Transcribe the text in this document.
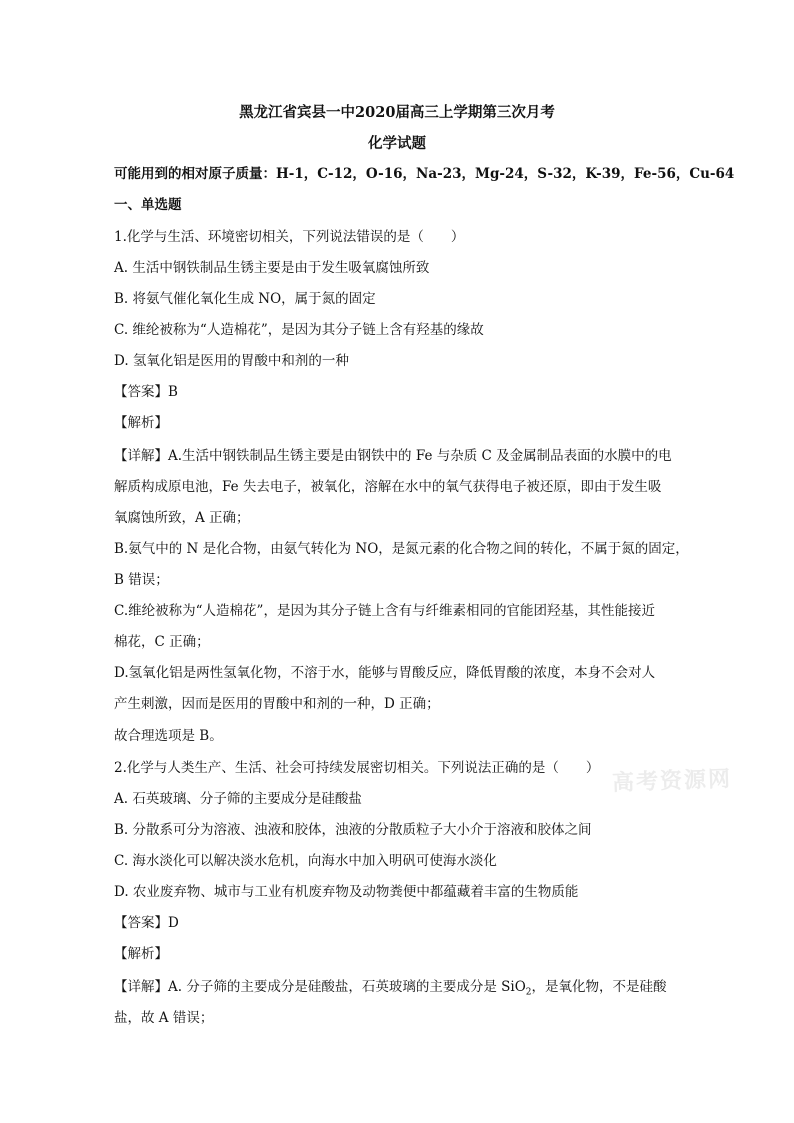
黑龙江省宾县一中2020届高三上学期第三次月考
化学试题
可能用到的相对原子质量：H-1，C-12，O-16，Na-23，Mg-24，S-32，K-39，Fe-56，Cu-64
一、单选题
1.化学与生活、环境密切相关，下列说法错误的是（　　）
A. 生活中钢铁制品生锈主要是由于发生吸氧腐蚀所致
B. 将氨气催化氧化生成 NO，属于氮的固定
C. 维纶被称为“人造棉花”，是因为其分子链上含有羟基的缘故
D. 氢氧化铝是医用的胃酸中和剂的一种
【答案】B
【解析】
【详解】A.生活中钢铁制品生锈主要是由钢铁中的 Fe 与杂质 C 及金属制品表面的水膜中的电
解质构成原电池，Fe 失去电子，被氧化，溶解在水中的氧气获得电子被还原，即由于发生吸
氧腐蚀所致，A 正确；
B.氨气中的 N 是化合物，由氨气转化为 NO，是氮元素的化合物之间的转化，不属于氮的固定，
B 错误；
C.维纶被称为“人造棉花”，是因为其分子链上含有与纤维素相同的官能团羟基，其性能接近
棉花，C 正确；
D.氢氧化铝是两性氢氧化物，不溶于水，能够与胃酸反应，降低胃酸的浓度，本身不会对人
产生刺激，因而是医用的胃酸中和剂的一种，D 正确；
故合理选项是 B。
2.化学与人类生产、生活、社会可持续发展密切相关。下列说法正确的是（　　）
A. 石英玻璃、分子筛的主要成分是硅酸盐
B. 分散系可分为溶液、浊液和胶体，浊液的分散质粒子大小介于溶液和胶体之间
C. 海水淡化可以解决淡水危机，向海水中加入明矾可使海水淡化
D. 农业废弃物、城市与工业有机废弃物及动物粪便中都蕴藏着丰富的生物质能
【答案】D
【解析】
【详解】A. 分子筛的主要成分是硅酸盐，石英玻璃的主要成分是 SiO$_2$，是氧化物，不是硅酸
盐，故 A 错误；
高考资源网
